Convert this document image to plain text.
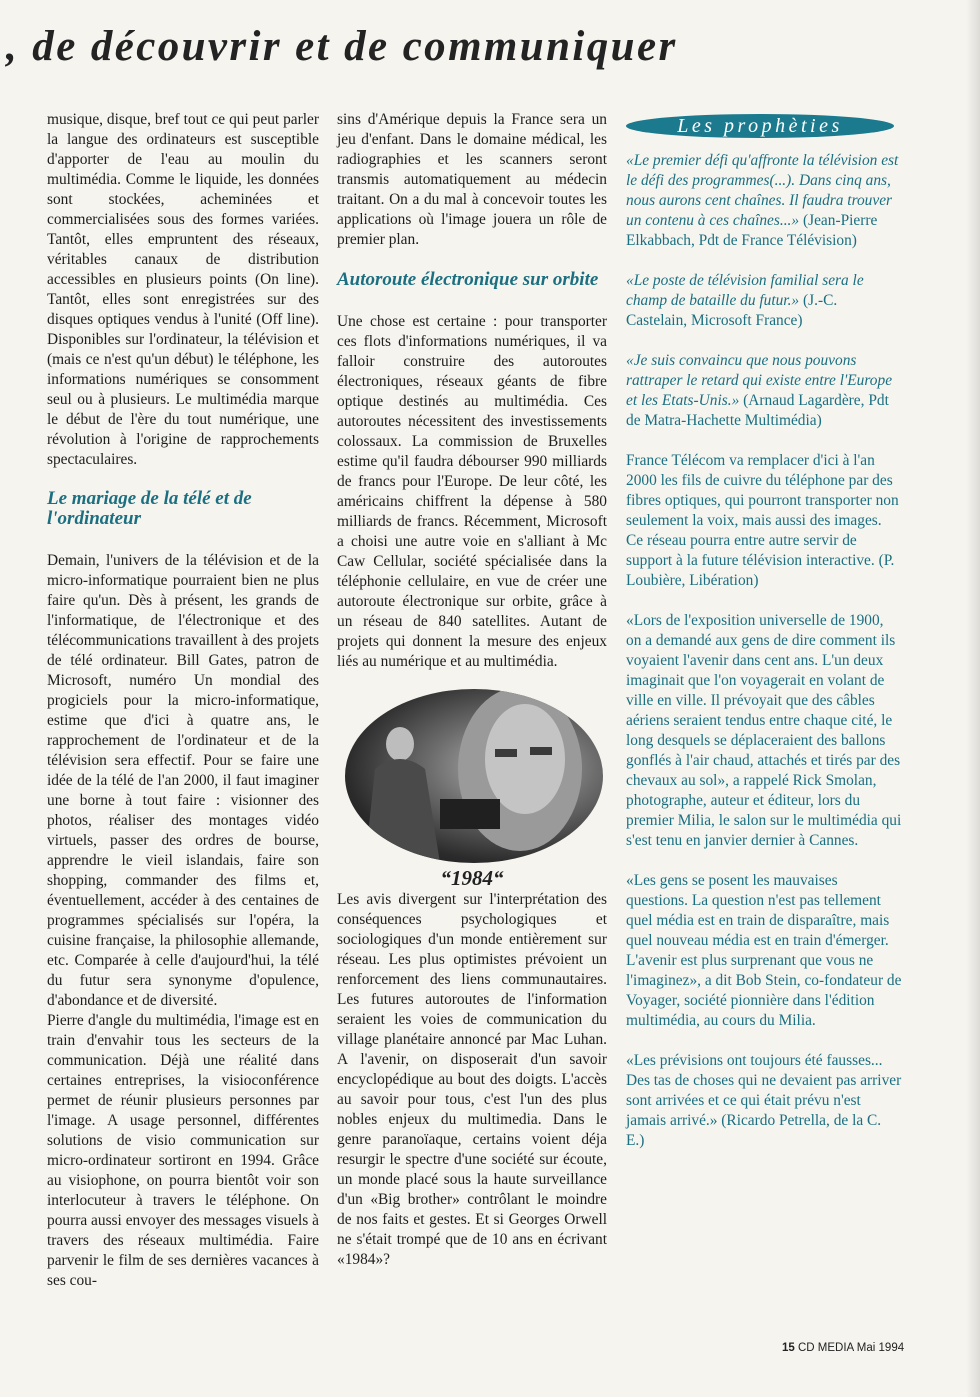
, de découvrir et de communiquer

musique, disque, bref tout ce qui peut parler la langue des ordinateurs est susceptible d'apporter de l'eau au moulin du multimédia. Comme le liquide, les données sont stockées, acheminées et commercialisées sous des formes variées. Tantôt, elles empruntent des réseaux, véritables canaux de distribution accessibles en plusieurs points (On line). Tantôt, elles sont enregistrées sur des disques optiques vendus à l'unité (Off line). Disponibles sur l'ordinateur, la télévision et (mais ce n'est qu'un début) le téléphone, les informations numériques se consomment seul ou à plusieurs. Le multimédia marque le début de l'ère du tout numérique, une révolution à l'origine de rapprochements spectaculaires.

Le mariage de la télé et de l'ordinateur

Demain, l'univers de la télévision et de la micro-informatique pourraient bien ne plus faire qu'un. Dès à présent, les grands de l'informatique, de l'électronique et des télécommunications travaillent à des projets de télé ordinateur. Bill Gates, patron de Microsoft, numéro Un mondial des progiciels pour la micro-informatique, estime que d'ici à quatre ans, le rapprochement de l'ordinateur et de la télévision sera effectif. Pour se faire une idée de la télé de l'an 2000, il faut imaginer une borne à tout faire : visionner des photos, réaliser des montages vidéo virtuels, passer des ordres de bourse, apprendre le vieil islandais, faire son shopping, commander des films et, éventuellement, accéder à des centaines de programmes spécialisés sur l'opéra, la cuisine française, la philosophie allemande, etc. Comparée à celle d'aujourd'hui, la télé du futur sera synonyme d'opulence, d'abondance et de diversité.

Pierre d'angle du multimédia, l'image est en train d'envahir tous les secteurs de la communication. Déjà une réalité dans certaines entreprises, la visioconférence permet de réunir plusieurs personnes par l'image. A usage personnel, différentes solutions de visio communication sur micro-ordinateur sortiront en 1994. Grâce au visiophone, on pourra bientôt voir son interlocuteur à travers le téléphone. On pourra aussi envoyer des messages visuels à travers des réseaux multimédia. Faire parvenir le film de ses dernières vacances à ses cou-

sins d'Amérique depuis la France sera un jeu d'enfant. Dans le domaine médical, les radiographies et les scanners seront transmis automatiquement au médecin traitant. On a du mal à concevoir toutes les applications où l'image jouera un rôle de premier plan.

Autoroute électronique sur orbite

Une chose est certaine : pour transporter ces flots d'informations numériques, il va falloir construire des autoroutes électroniques, réseaux géants de fibre optique destinés au multimédia. Ces autoroutes nécessitent des investissements colossaux. La commission de Bruxelles estime qu'il faudra débourser 990 milliards de francs pour l'Europe. De leur côté, les américains chiffrent la dépense à 580 milliards de francs. Récemment, Microsoft a choisi une autre voie en s'alliant à Mc Caw Cellular, société spécialisée dans la téléphonie cellulaire, en vue de créer une autoroute électronique sur orbite, grâce à un réseau de 840 satellites. Autant de projets qui donnent la mesure des enjeux liés au numérique et au multimédia.

“1984“

Les avis divergent sur l'interprétation des conséquences psychologiques et sociologiques d'un monde entièrement sur réseau. Les plus optimistes prévoient un renforcement des liens communautaires. Les futures autoroutes de l'information seraient les voies de communication du village planétaire annoncé par Mac Luhan. A l'avenir, on disposerait d'un savoir encyclopédique au bout des doigts. L'accès au savoir pour tous, c'est l'un des plus nobles enjeux du multimedia. Dans le genre paranoïaque, certains voient déja resurgir le spectre d'une société sur écoute, un monde placé sous la haute surveillance d'un «Big brother» contrôlant le moindre de nos faits et gestes. Et si Georges Orwell ne s'était trompé que de 10 ans en écrivant «1984»?

Les prophèties
«Le premier défi qu'affronte la télévision est le défi des programmes(...). Dans cinq ans, nous aurons cent chaînes. Il faudra trouver un contenu à ces chaînes...» (Jean-Pierre Elkabbach, Pdt de France Télévision)
«Le poste de télévision familial sera le champ de bataille du futur.» (J.-C. Castelain, Microsoft France)
«Je suis convaincu que nous pouvons rattraper le retard qui existe entre l'Europe et les Etats-Unis.» (Arnaud Lagardère, Pdt de Matra-Hachette Multimédia)
France Télécom va remplacer d'ici à l'an 2000 les fils de cuivre du téléphone par des fibres optiques, qui pourront transporter non seulement la voix, mais aussi des images. Ce réseau pourra entre autre servir de support à la future télévision interactive. (P. Loubière, Libération)
«Lors de l'exposition universelle de 1900, on a demandé aux gens de dire comment ils voyaient l'avenir dans cent ans. L'un deux imaginait que l'on voyagerait en volant de ville en ville. Il prévoyait que des câbles aériens seraient tendus entre chaque cité, le long desquels se déplaceraient des ballons gonflés à l'air chaud, attachés et tirés par des chevaux au sol», a rappelé Rick Smolan, photographe, auteur et éditeur, lors du premier Milia, le salon sur le multimédia qui s'est tenu en janvier dernier à Cannes.
«Les gens se posent les mauvaises questions. La question n'est pas tellement quel média est en train de disparaître, mais quel nouveau média est en train d'émerger. L'avenir est plus surprenant que vous ne l'imaginez», a dit Bob Stein, co-fondateur de Voyager, société pionnière dans l'édition multimédia, au cours du Milia.
«Les prévisions ont toujours été fausses... Des tas de choses qui ne devaient pas arriver sont arrivées et ce qui était prévu n'est jamais arrivé.» (Ricardo Petrella, de la C. E.)
15 CD MEDIA Mai 1994
